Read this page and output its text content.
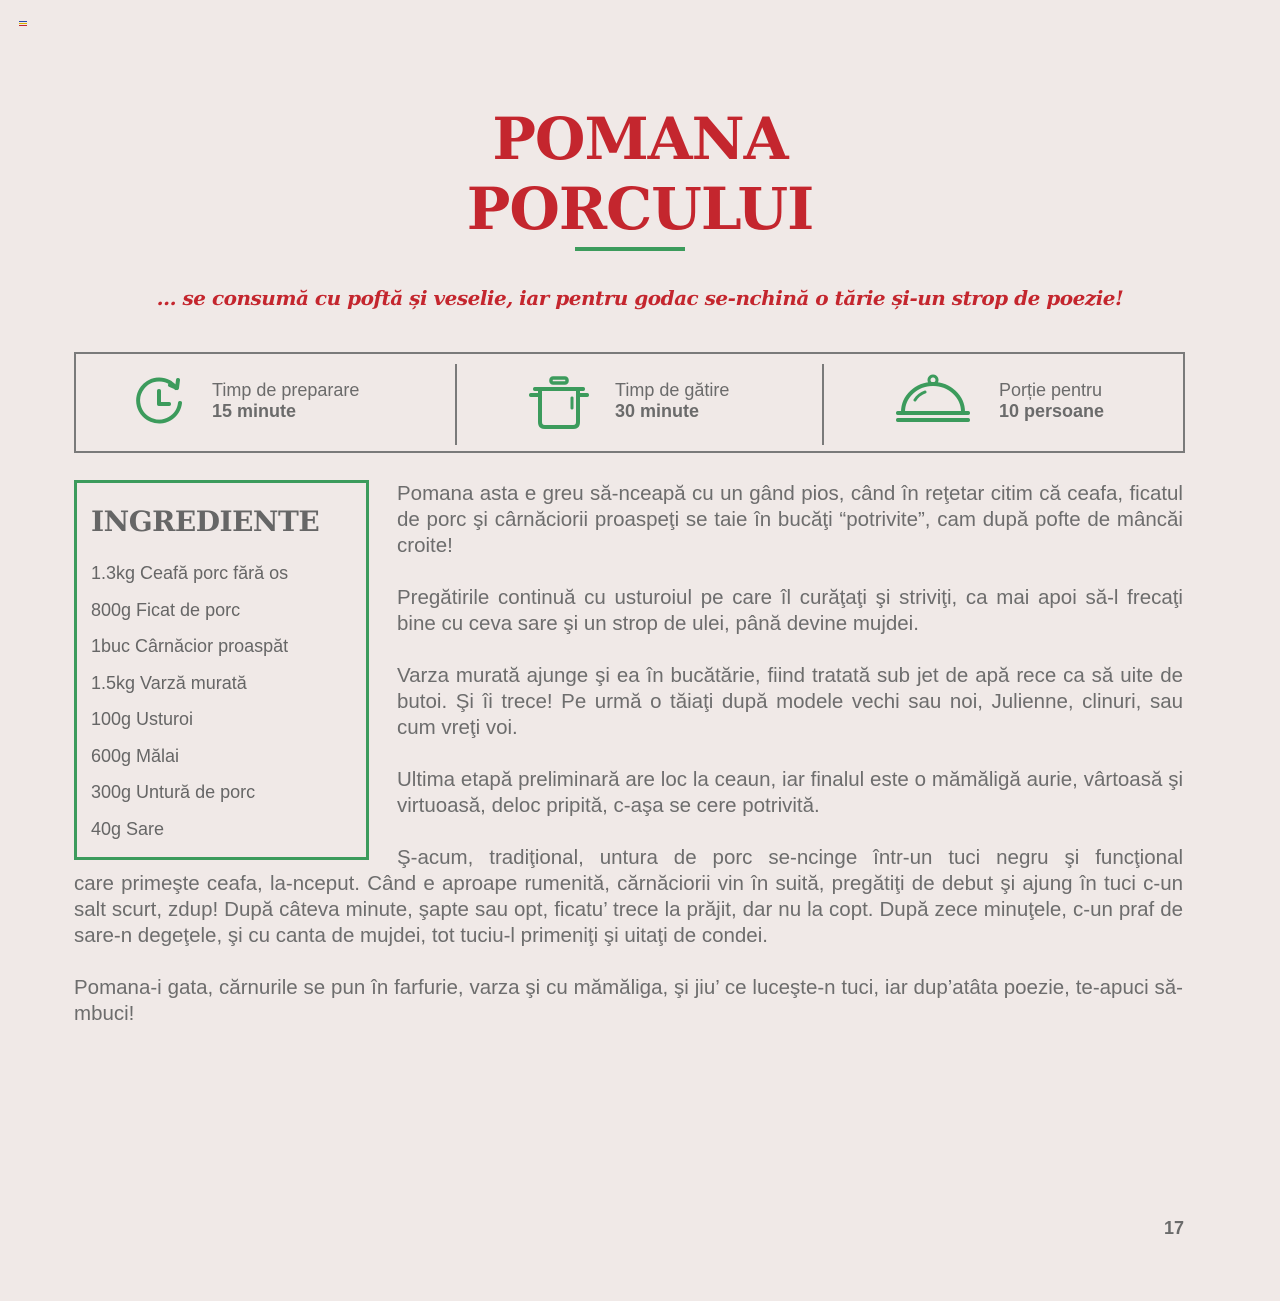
POMANA
PORCULUI
... se consumă cu poftă și veselie, iar pentru godac se-nchină o tărie și-un strop de poezie!
Timp de preparare
15 minute
Timp de gătire
30 minute
Porție pentru
10 persoane
INGREDIENTE
1.3kg Ceafă porc fără os
800g Ficat de porc
1buc Cârnăcior proaspăt
1.5kg Varză murată
100g Usturoi
600g Mălai
300g Untură de porc
40g Sare

Pomana asta e greu să-nceapă cu un gând pios, când în reţetar citim că ceafa, ficatul de porc şi cârnăciorii proaspeţi se taie în bucăţi “potrivite”, cam după pofte de mâncăi croite!

Pregătirile continuă cu usturoiul pe care îl curăţaţi şi striviţi, ca mai apoi să-l frecaţi bine cu ceva sare şi un strop de ulei, până devine mujdei.

Varza murată ajunge şi ea în bucătărie, fiind tratată sub jet de apă rece ca să uite de butoi. Şi îi trece! Pe urmă o tăiaţi după modele vechi sau noi, Julienne, clinuri, sau cum vreţi voi.

Ultima etapă preliminară are loc la ceaun, iar finalul este o mămăligă aurie, vârtoasă şi virtuoasă, deloc pripită, c-aşa se cere potrivită.

Ş-acum, tradiţional, untura de porc se-ncinge într-un tuci negru şi funcţional

care primeşte ceafa, la-nceput. Când e aproape rumenită, cărnăciorii vin în suită, pregătiţi de debut şi ajung în tuci c-un salt scurt, zdup! După câteva minute, şapte sau opt, ficatu’ trece la prăjit, dar nu la copt. După zece minuţele, c-un praf de sare-n degeţele, şi cu canta de mujdei, tot tuciu-l primeniţi şi uitaţi de condei.

Pomana-i gata, cărnurile se pun în farfurie, varza şi cu mămăliga, şi jiu’ ce luceşte-n tuci, iar dup’atâta poezie, te-apuci să-mbuci!

17
